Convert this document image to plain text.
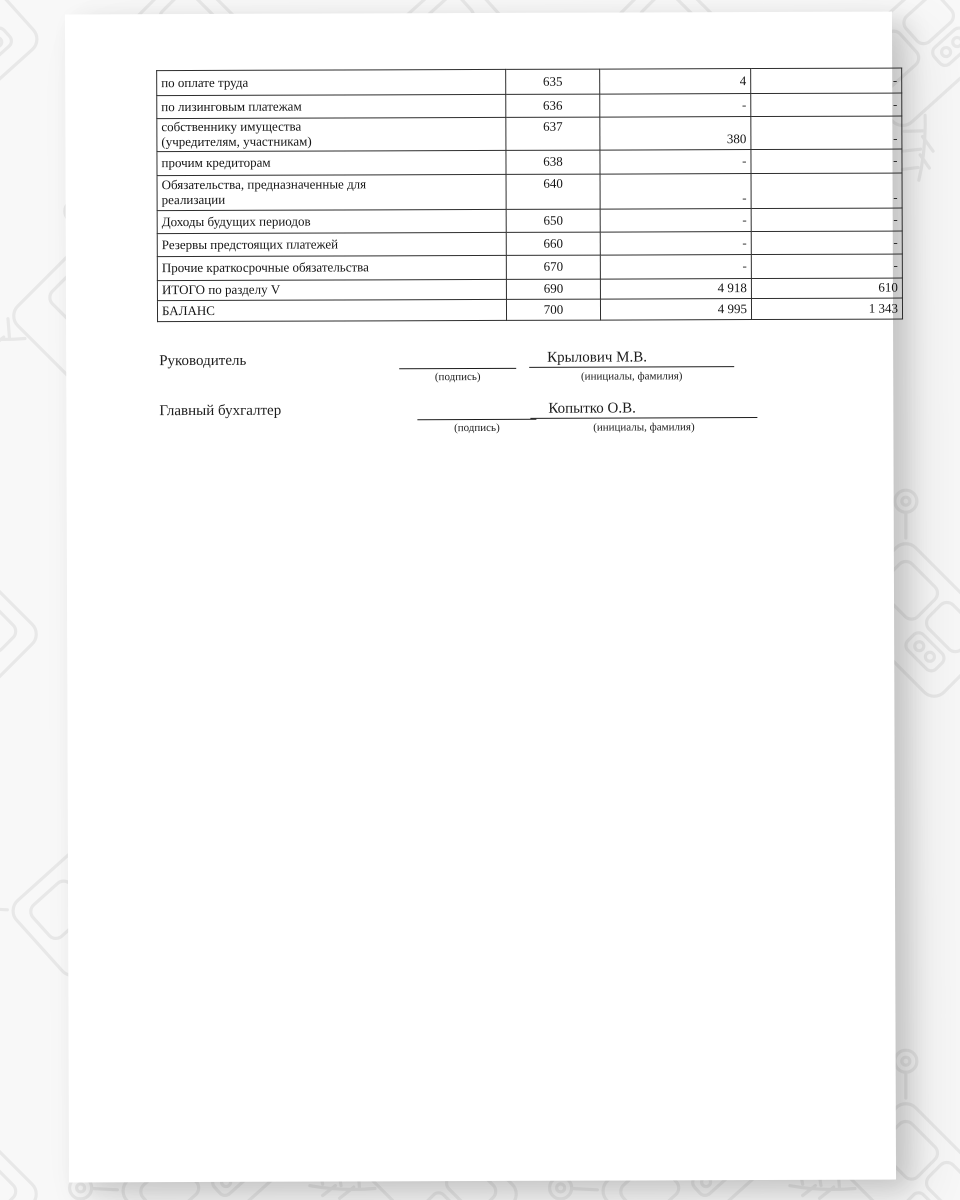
по оплате труда	635	4	-
по лизинговым платежам	636	-	-
собственнику имущества
(учредителям, участникам)	637	380	-
прочим кредиторам	638	-	-
Обязательства, предназначенные для
реализации	640	-	-
Доходы будущих периодов	650	-	-
Резервы предстоящих платежей	660	-	-
Прочие краткосрочные обязательства	670	-	-
ИТОГО по разделу V	690	4 918	610
БАЛАНС	700	4 995	1 343
Руководитель	Крылович М.В.
(подпись)	(инициалы, фамилия)
Главный бухгалтер	Копытко О.В.
(подпись)	(инициалы, фамилия)
